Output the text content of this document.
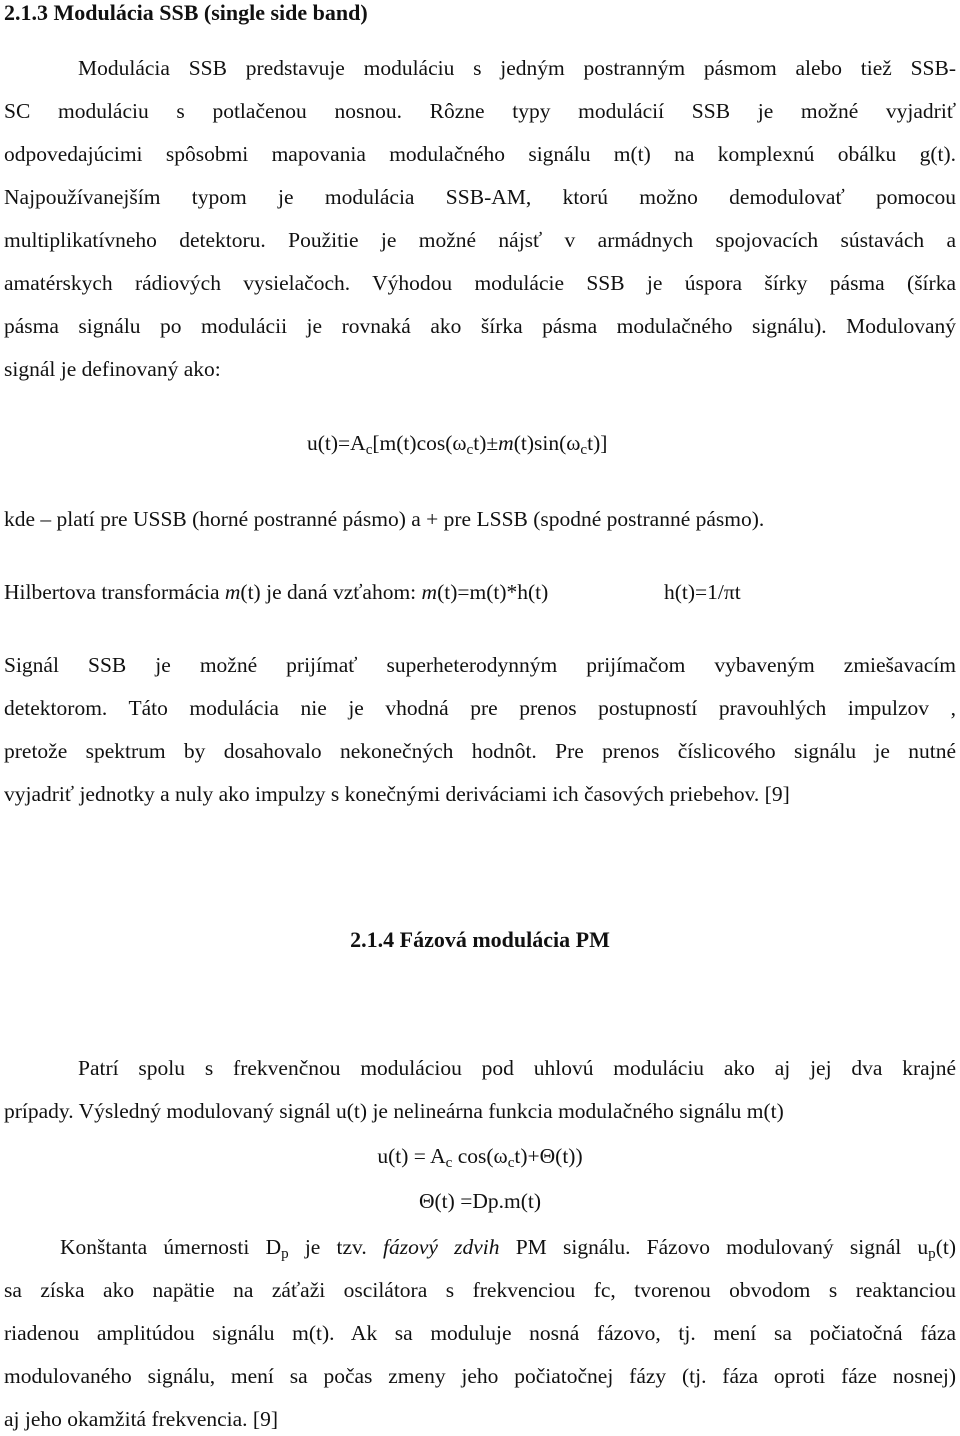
2.1.3 Modulácia SSB (single side band)
Modulácia SSB predstavuje moduláciu s jedným postranným pásmom alebo tiež SSB-
SC moduláciu s potlačenou nosnou. Rôzne typy modulácií SSB je možné vyjadriť
odpovedajúcimi spôsobmi mapovania modulačného signálu m(t) na komplexnú obálku g(t).
Najpoužívanejším typom je modulácia SSB-AM, ktorú možno demodulovať pomocou
multiplikatívneho detektoru. Použitie je možné nájsť v armádnych spojovacích sústavách a
amatérskych rádiových vysielačoch. Výhodou modulácie SSB je úspora šírky pásma (šírka
pásma signálu po modulácii je rovnaká ako šírka pásma modulačného signálu). Modulovaný
signál je definovaný ako:
$u(t)=A_c[m(t)\cos(\omega_ct)\pm m(t)\sin(\omega_ct)]$
kde – platí pre USSB (horné postranné pásmo) a + pre LSSB (spodné postranné pásmo).
Hilbertova transformácia m(t) je daná vzťahom: m(t)=m(t)*h(t)	h(t)=1/πt
Signál SSB je možné prijímať superheterodynným prijímačom vybaveným zmiešavacím
detektorom. Táto modulácia nie je vhodná pre prenos postupností pravouhlých impulzov ,
pretože spektrum by dosahovalo nekonečných hodnôt. Pre prenos číslicového signálu je nutné
vyjadriť jednotky a nuly ako impulzy s konečnými deriváciami ich časových priebehov. [9]
2.1.4 Fázová modulácia PM
Patrí spolu s frekvenčnou moduláciou pod uhlovú moduláciu ako aj jej dva krajné
prípady. Výsledný modulovaný signál u(t) je nelineárna funkcia modulačného signálu m(t)
$u(t) = A_c$ $\cos(\omega_ct)+\Theta(t)$)
Θ(t) =Dp.m(t)
Konštanta úmernosti $D_p$ je tzv. fázový zdvih PM signálu. Fázovo modulovaný signál $u_p(t)$
sa získa ako napätie na záťaži oscilátora s frekvenciou fc, tvorenou obvodom s reaktanciou
riadenou amplitúdou signálu m(t). Ak sa moduluje nosná fázovo, tj. mení sa počiatočná fáza
modulovaného signálu, mení sa počas zmeny jeho počiatočnej fázy (tj. fáza oproti fáze nosnej)
aj jeho okamžitá frekvencia. [9]
